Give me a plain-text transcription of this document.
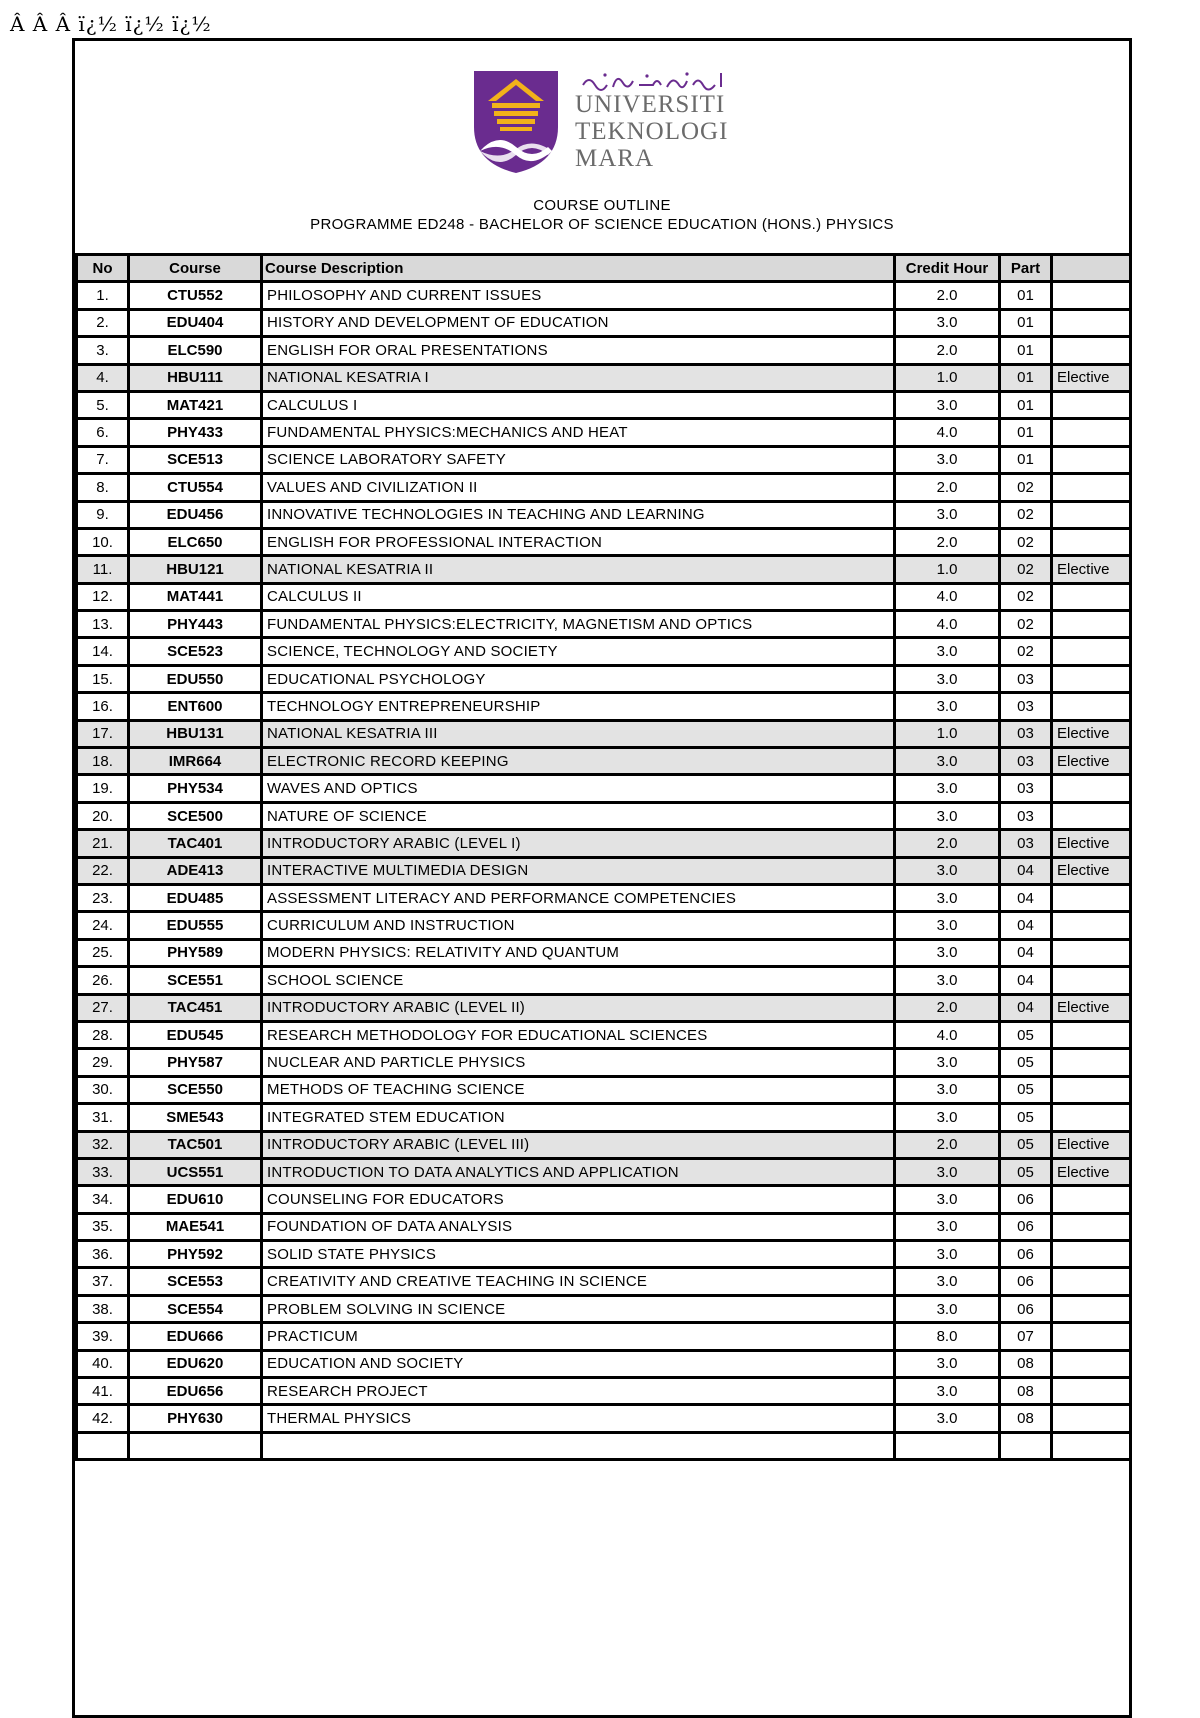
Â Â Â ï¿½ ï¿½ ï¿½
UNIVERSITI
TEKNOLOGI
MARA
COURSE OUTLINE
PROGRAMME ED248 - BACHELOR OF SCIENCE EDUCATION (HONS.) PHYSICS
No	Course	Course Description	Credit Hour	Part	
1.	CTU552	PHILOSOPHY AND CURRENT ISSUES	2.0	01	
2.	EDU404	HISTORY AND DEVELOPMENT OF EDUCATION	3.0	01	
3.	ELC590	ENGLISH FOR ORAL PRESENTATIONS	2.0	01	
4.	HBU111	NATIONAL KESATRIA I	1.0	01	Elective
5.	MAT421	CALCULUS I	3.0	01	
6.	PHY433	FUNDAMENTAL PHYSICS:MECHANICS AND HEAT	4.0	01	
7.	SCE513	SCIENCE LABORATORY SAFETY	3.0	01	
8.	CTU554	VALUES AND CIVILIZATION II	2.0	02	
9.	EDU456	INNOVATIVE TECHNOLOGIES IN TEACHING AND LEARNING	3.0	02	
10.	ELC650	ENGLISH FOR PROFESSIONAL INTERACTION	2.0	02	
11.	HBU121	NATIONAL KESATRIA II	1.0	02	Elective
12.	MAT441	CALCULUS II	4.0	02	
13.	PHY443	FUNDAMENTAL PHYSICS:ELECTRICITY, MAGNETISM AND OPTICS	4.0	02	
14.	SCE523	SCIENCE, TECHNOLOGY AND SOCIETY	3.0	02	
15.	EDU550	EDUCATIONAL PSYCHOLOGY	3.0	03	
16.	ENT600	TECHNOLOGY ENTREPRENEURSHIP	3.0	03	
17.	HBU131	NATIONAL KESATRIA III	1.0	03	Elective
18.	IMR664	ELECTRONIC RECORD KEEPING	3.0	03	Elective
19.	PHY534	WAVES AND OPTICS	3.0	03	
20.	SCE500	NATURE OF SCIENCE	3.0	03	
21.	TAC401	INTRODUCTORY ARABIC (LEVEL I)	2.0	03	Elective
22.	ADE413	INTERACTIVE MULTIMEDIA DESIGN	3.0	04	Elective
23.	EDU485	ASSESSMENT LITERACY AND PERFORMANCE COMPETENCIES	3.0	04	
24.	EDU555	CURRICULUM AND INSTRUCTION	3.0	04	
25.	PHY589	MODERN PHYSICS: RELATIVITY AND QUANTUM	3.0	04	
26.	SCE551	SCHOOL SCIENCE	3.0	04	
27.	TAC451	INTRODUCTORY ARABIC (LEVEL II)	2.0	04	Elective
28.	EDU545	RESEARCH METHODOLOGY FOR EDUCATIONAL SCIENCES	4.0	05	
29.	PHY587	NUCLEAR AND PARTICLE PHYSICS	3.0	05	
30.	SCE550	METHODS OF TEACHING SCIENCE	3.0	05	
31.	SME543	INTEGRATED STEM EDUCATION	3.0	05	
32.	TAC501	INTRODUCTORY ARABIC (LEVEL III)	2.0	05	Elective
33.	UCS551	INTRODUCTION TO DATA ANALYTICS AND APPLICATION	3.0	05	Elective
34.	EDU610	COUNSELING FOR EDUCATORS	3.0	06	
35.	MAE541	FOUNDATION OF DATA ANALYSIS	3.0	06	
36.	PHY592	SOLID STATE PHYSICS	3.0	06	
37.	SCE553	CREATIVITY AND CREATIVE TEACHING IN SCIENCE	3.0	06	
38.	SCE554	PROBLEM SOLVING IN SCIENCE	3.0	06	
39.	EDU666	PRACTICUM	8.0	07	
40.	EDU620	EDUCATION AND SOCIETY	3.0	08	
41.	EDU656	RESEARCH PROJECT	3.0	08	
42.	PHY630	THERMAL PHYSICS	3.0	08	
